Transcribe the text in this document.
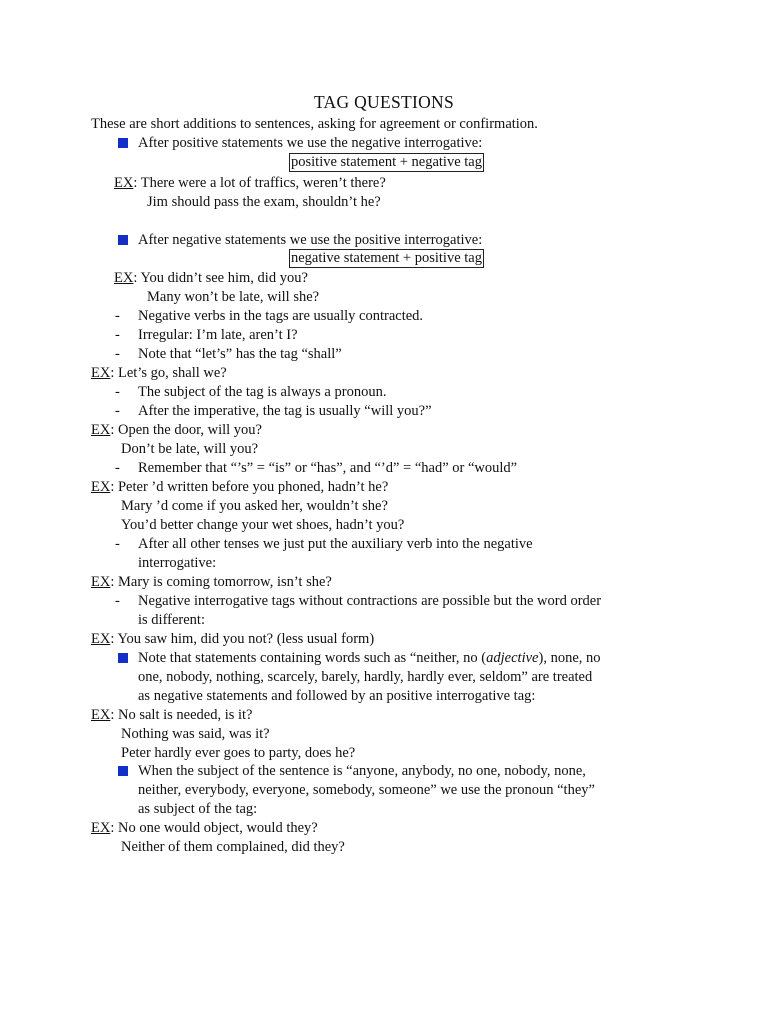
TAG QUESTIONS
These are short additions to sentences, asking for agreement or confirmation.
After positive statements we use the negative interrogative:
positive statement + negative tag
EX: There were a lot of traffics, weren’t there?
Jim should pass the exam, shouldn’t he?
After negative statements we use the positive interrogative:
negative statement + positive tag
EX: You didn’t see him, did you?
Many won’t be late, will she?
- Negative verbs in the tags are usually contracted.
- Irregular: I’m late, aren’t I?
- Note that “let’s” has the tag “shall”
EX: Let’s go, shall we?
- The subject of the tag is always a pronoun.
- After the imperative, the tag is usually “will you?”
EX: Open the door, will you?
Don’t be late, will you?
- Remember that “’s” = “is” or “has”, and “’d” = “had” or “would”
EX: Peter ’d written before you phoned, hadn’t he?
Mary ’d come if you asked her, wouldn’t she?
You’d better change your wet shoes, hadn’t you?
- After all other tenses we just put the auxiliary verb into the negative
interrogative:
EX: Mary is coming tomorrow, isn’t she?
- Negative interrogative tags without contractions are possible but the word order
is different:
EX: You saw him, did you not? (less usual form)
Note that statements containing words such as “neither, no (adjective), none, no
one, nobody, nothing, scarcely, barely, hardly, hardly ever, seldom” are treated
as negative statements and followed by an positive interrogative tag:
EX: No salt is needed, is it?
Nothing was said, was it?
Peter hardly ever goes to party, does he?
When the subject of the sentence is “anyone, anybody, no one, nobody, none,
neither, everybody, everyone, somebody, someone” we use the pronoun “they”
as subject of the tag:
EX: No one would object, would they?
Neither of them complained, did they?
